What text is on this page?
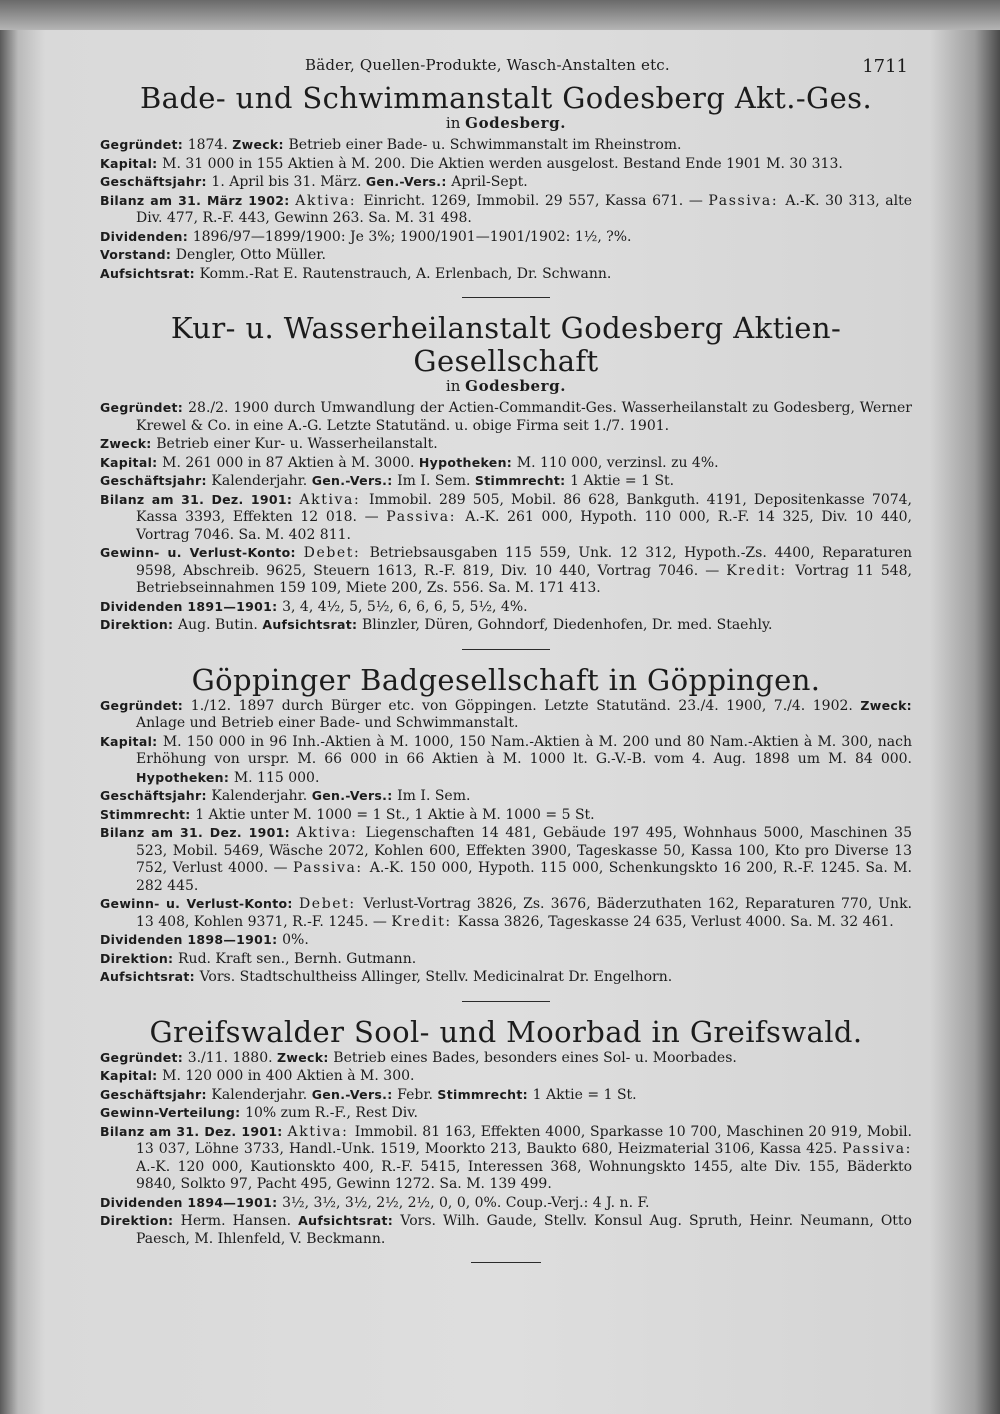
Bäder, Quellen-Produkte, Wasch-Anstalten etc.	1711
Bade- und Schwimmanstalt Godesberg Akt.-Ges.
in Godesberg.

Gegründet: 1874. Zweck: Betrieb einer Bade- u. Schwimmanstalt im Rheinstrom.

Kapital: M. 31 000 in 155 Aktien à M. 200. Die Aktien werden ausgelost. Bestand Ende 1901 M. 30 313.

Geschäftsjahr: 1. April bis 31. März. Gen.-Vers.: April-Sept.

Bilanz am 31. März 1902: Aktiva: Einricht. 1269, Immobil. 29 557, Kassa 671. — Passiva: A.-K. 30 313, alte Div. 477, R.-F. 443, Gewinn 263. Sa. M. 31 498.

Dividenden: 1896/97—1899/1900: Je 3%; 1900/1901—1901/1902: 1½, ?%.

Vorstand: Dengler, Otto Müller.

Aufsichtsrat: Komm.-Rat E. Rautenstrauch, A. Erlenbach, Dr. Schwann.

Kur- u. Wasserheilanstalt Godesberg Aktien-Gesellschaft
in Godesberg.

Gegründet: 28./2. 1900 durch Umwandlung der Actien-Commandit-Ges. Wasserheilanstalt zu Godesberg, Werner Krewel & Co. in eine A.-G. Letzte Statutänd. u. obige Firma seit 1./7. 1901.

Zweck: Betrieb einer Kur- u. Wasserheilanstalt.

Kapital: M. 261 000 in 87 Aktien à M. 3000. Hypotheken: M. 110 000, verzinsl. zu 4%.

Geschäftsjahr: Kalenderjahr. Gen.-Vers.: Im I. Sem. Stimmrecht: 1 Aktie = 1 St.

Bilanz am 31. Dez. 1901: Aktiva: Immobil. 289 505, Mobil. 86 628, Bankguth. 4191, Depositenkasse 7074, Kassa 3393, Effekten 12 018. — Passiva: A.-K. 261 000, Hypoth. 110 000, R.-F. 14 325, Div. 10 440, Vortrag 7046. Sa. M. 402 811.

Gewinn- u. Verlust-Konto: Debet: Betriebsausgaben 115 559, Unk. 12 312, Hypoth.-Zs. 4400, Reparaturen 9598, Abschreib. 9625, Steuern 1613, R.-F. 819, Div. 10 440, Vortrag 7046. — Kredit: Vortrag 11 548, Betriebseinnahmen 159 109, Miete 200, Zs. 556. Sa. M. 171 413.

Dividenden 1891—1901: 3, 4, 4½, 5, 5½, 6, 6, 6, 5, 5½, 4%.

Direktion: Aug. Butin. Aufsichtsrat: Blinzler, Düren, Gohndorf, Diedenhofen, Dr. med. Staehly.

Göppinger Badgesellschaft in Göppingen.

Gegründet: 1./12. 1897 durch Bürger etc. von Göppingen. Letzte Statutänd. 23./4. 1900, 7./4. 1902. Zweck: Anlage und Betrieb einer Bade- und Schwimmanstalt.

Kapital: M. 150 000 in 96 Inh.-Aktien à M. 1000, 150 Nam.-Aktien à M. 200 und 80 Nam.-Aktien à M. 300, nach Erhöhung von urspr. M. 66 000 in 66 Aktien à M. 1000 lt. G.-V.-B. vom 4. Aug. 1898 um M. 84 000. Hypotheken: M. 115 000.

Geschäftsjahr: Kalenderjahr. Gen.-Vers.: Im I. Sem.

Stimmrecht: 1 Aktie unter M. 1000 = 1 St., 1 Aktie à M. 1000 = 5 St.

Bilanz am 31. Dez. 1901: Aktiva: Liegenschaften 14 481, Gebäude 197 495, Wohnhaus 5000, Maschinen 35 523, Mobil. 5469, Wäsche 2072, Kohlen 600, Effekten 3900, Tageskasse 50, Kassa 100, Kto pro Diverse 13 752, Verlust 4000. — Passiva: A.-K. 150 000, Hypoth. 115 000, Schenkungskto 16 200, R.-F. 1245. Sa. M. 282 445.

Gewinn- u. Verlust-Konto: Debet: Verlust-Vortrag 3826, Zs. 3676, Bäderzuthaten 162, Reparaturen 770, Unk. 13 408, Kohlen 9371, R.-F. 1245. — Kredit: Kassa 3826, Tageskasse 24 635, Verlust 4000. Sa. M. 32 461.

Dividenden 1898—1901: 0%.

Direktion: Rud. Kraft sen., Bernh. Gutmann.

Aufsichtsrat: Vors. Stadtschultheiss Allinger, Stellv. Medicinalrat Dr. Engelhorn.

Greifswalder Sool- und Moorbad in Greifswald.

Gegründet: 3./11. 1880. Zweck: Betrieb eines Bades, besonders eines Sol- u. Moorbades.

Kapital: M. 120 000 in 400 Aktien à M. 300.

Geschäftsjahr: Kalenderjahr. Gen.-Vers.: Febr. Stimmrecht: 1 Aktie = 1 St.

Gewinn-Verteilung: 10% zum R.-F., Rest Div.

Bilanz am 31. Dez. 1901: Aktiva: Immobil. 81 163, Effekten 4000, Sparkasse 10 700, Maschinen 20 919, Mobil. 13 037, Löhne 3733, Handl.-Unk. 1519, Moorkto 213, Baukto 680, Heizmaterial 3106, Kassa 425. Passiva: A.-K. 120 000, Kautionskto 400, R.-F. 5415, Interessen 368, Wohnungskto 1455, alte Div. 155, Bäderkto 9840, Solkto 97, Pacht 495, Gewinn 1272. Sa. M. 139 499.

Dividenden 1894—1901: 3½, 3½, 3½, 2½, 2½, 0, 0, 0%. Coup.-Verj.: 4 J. n. F.

Direktion: Herm. Hansen. Aufsichtsrat: Vors. Wilh. Gaude, Stellv. Konsul Aug. Spruth, Heinr. Neumann, Otto Paesch, M. Ihlenfeld, V. Beckmann.
